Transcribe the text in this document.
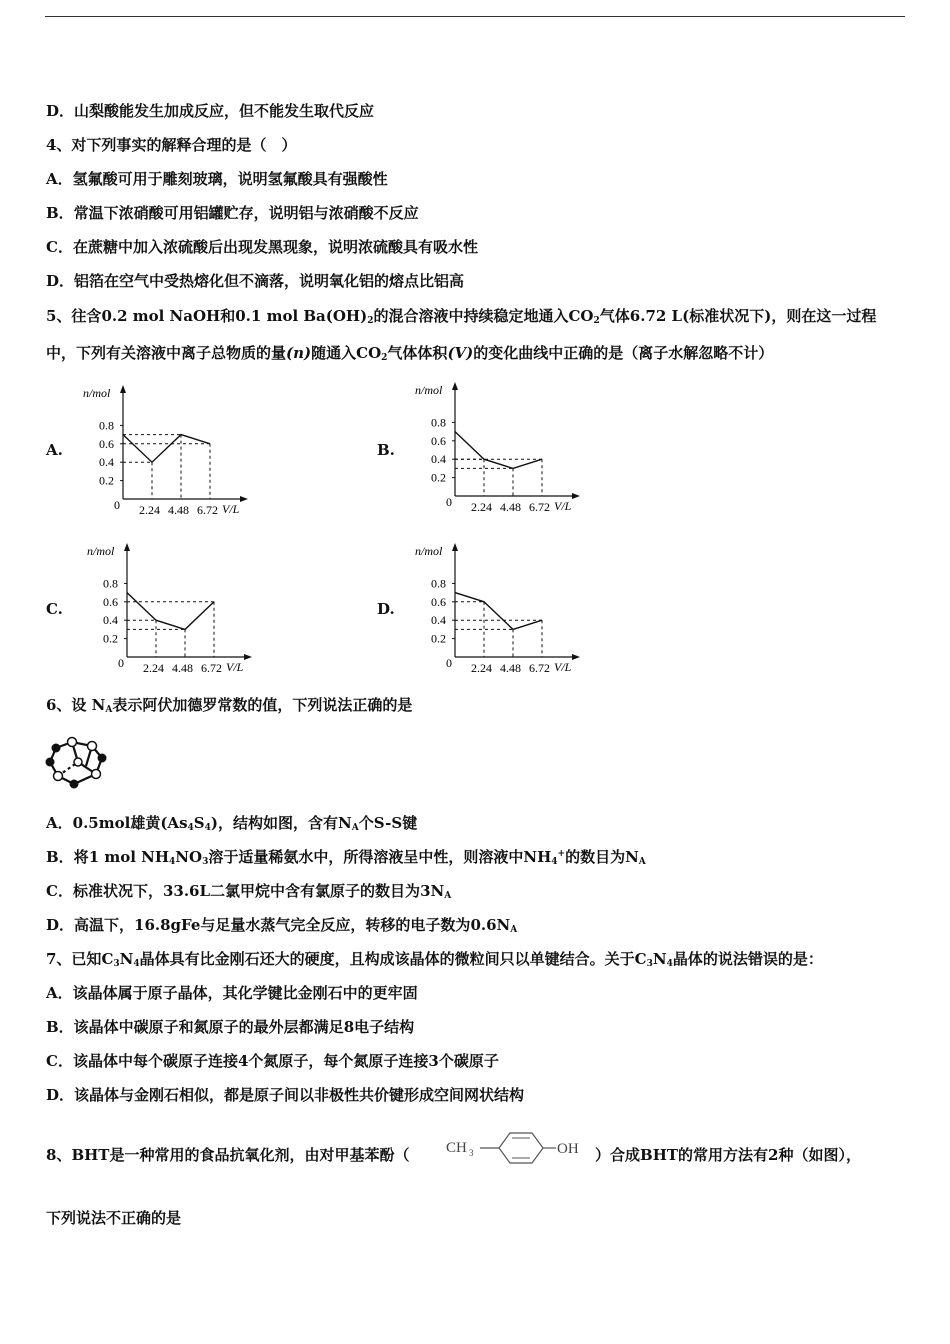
D．山梨酸能发生加成反应，但不能发生取代反应
4、对下列事实的解释合理的是（　）
A．氢氟酸可用于雕刻玻璃，说明氢氟酸具有强酸性
B．常温下浓硝酸可用铝罐贮存，说明铝与浓硝酸不反应
C．在蔗糖中加入浓硫酸后出现发黑现象，说明浓硫酸具有吸水性
D．铝箔在空气中受热熔化但不滴落，说明氧化铝的熔点比铝高
5、往含0.2 mol NaOH和0.1 mol $Ba(OH)_2$的混合溶液中持续稳定地通入$CO_2$气体6.72 L(标准状况下)，则在这一过程
中，下列有关溶液中离子总物质的量(n)随通入$CO_2$气体体积(V)的变化曲线中正确的是（离子水解忽略不计）
A.	B.
C.	D.
n/mol
V/L
0
0.8
0.6
0.4
0.2
2.24 4.48 6.72
n/mol
V/L
0
0.8
0.6
0.4
0.2
2.24 4.48 6.72
n/mol
V/L
0
0.8
0.6
0.4
0.2
2.24 4.48 6.72
n/mol
V/L
0
0.8
0.6
0.4
0.2
2.24 4.48 6.72
6、设 $N_A$表示阿伏加德罗常数的值，下列说法正确的是
A．0.5mol雄黄$(As_4S_4)$，结构如图，含有$N_A$个S-S键
B．将1 mol $NH_4NO_3$溶于适量稀氨水中，所得溶液呈中性，则溶液中$NH_4^+$的数目为$N_A$
C．标准状况下，33.6L二氯甲烷中含有氯原子的数目为$3N_A$
D．高温下，16.8gFe与足量水蒸气完全反应，转移的电子数为$0.6N_A$
7、已知$C_3N_4$晶体具有比金刚石还大的硬度，且构成该晶体的微粒间只以单键结合。关于$C_3N_4$晶体的说法错误的是：
A．该晶体属于原子晶体，其化学键比金刚石中的更牢固
B．该晶体中碳原子和氮原子的最外层都满足8电子结构
C．该晶体中每个碳原子连接4个氮原子，每个氮原子连接3个碳原子
D．该晶体与金刚石相似，都是原子间以非极性共价键形成空间网状结构
8、BHT是一种常用的食品抗氧化剂，由对甲基苯酚（ CH 3	OH ）合成BHT的常用方法有2种（如图），
下列说法不正确的是
